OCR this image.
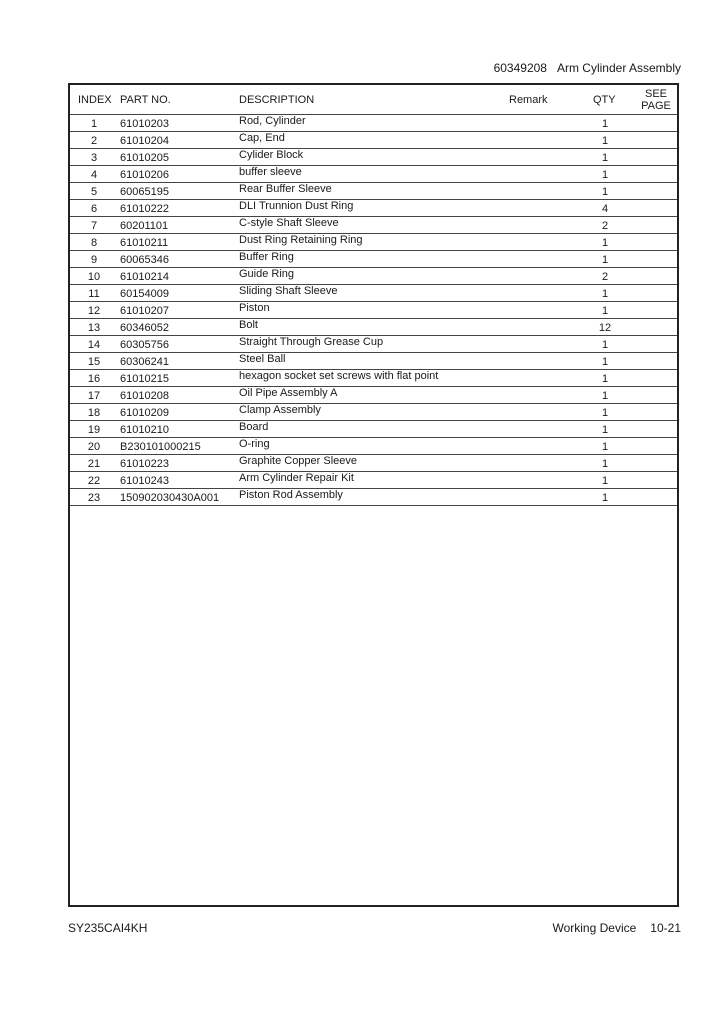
60349208 Arm Cylinder Assembly
INDEX PART NO.	DESCRIPTION	Remark	QTY	SEE
PAGE
1	61010203	Rod, Cylinder	1
2	61010204	Cap, End	1
3	61010205	Cylider Block	1
4	61010206	buffer sleeve	1
5	60065195	Rear Buffer Sleeve	1
6	61010222	DLI Trunnion Dust Ring	4
7	60201101	C-style Shaft Sleeve	2
8	61010211	Dust Ring Retaining Ring	1
9	60065346	Buffer Ring	1
10	61010214	Guide Ring	2
11	60154009	Sliding Shaft Sleeve	1
12	61010207	Piston	1
13	60346052	Bolt	12
14	60305756	Straight Through Grease Cup	1
15	60306241	Steel Ball	1
16	61010215	hexagon socket set screws with flat point	1
17	61010208	Oil Pipe Assembly A	1
18	61010209	Clamp Assembly	1
19	61010210	Board	1
20	B230101000215	O-ring	1
21	61010223	Graphite Copper Sleeve	1
22	61010243	Arm Cylinder Repair Kit	1
23	150902030430A001 Piston Rod Assembly	1
SY235CAI4KH	Working Device 10-21
